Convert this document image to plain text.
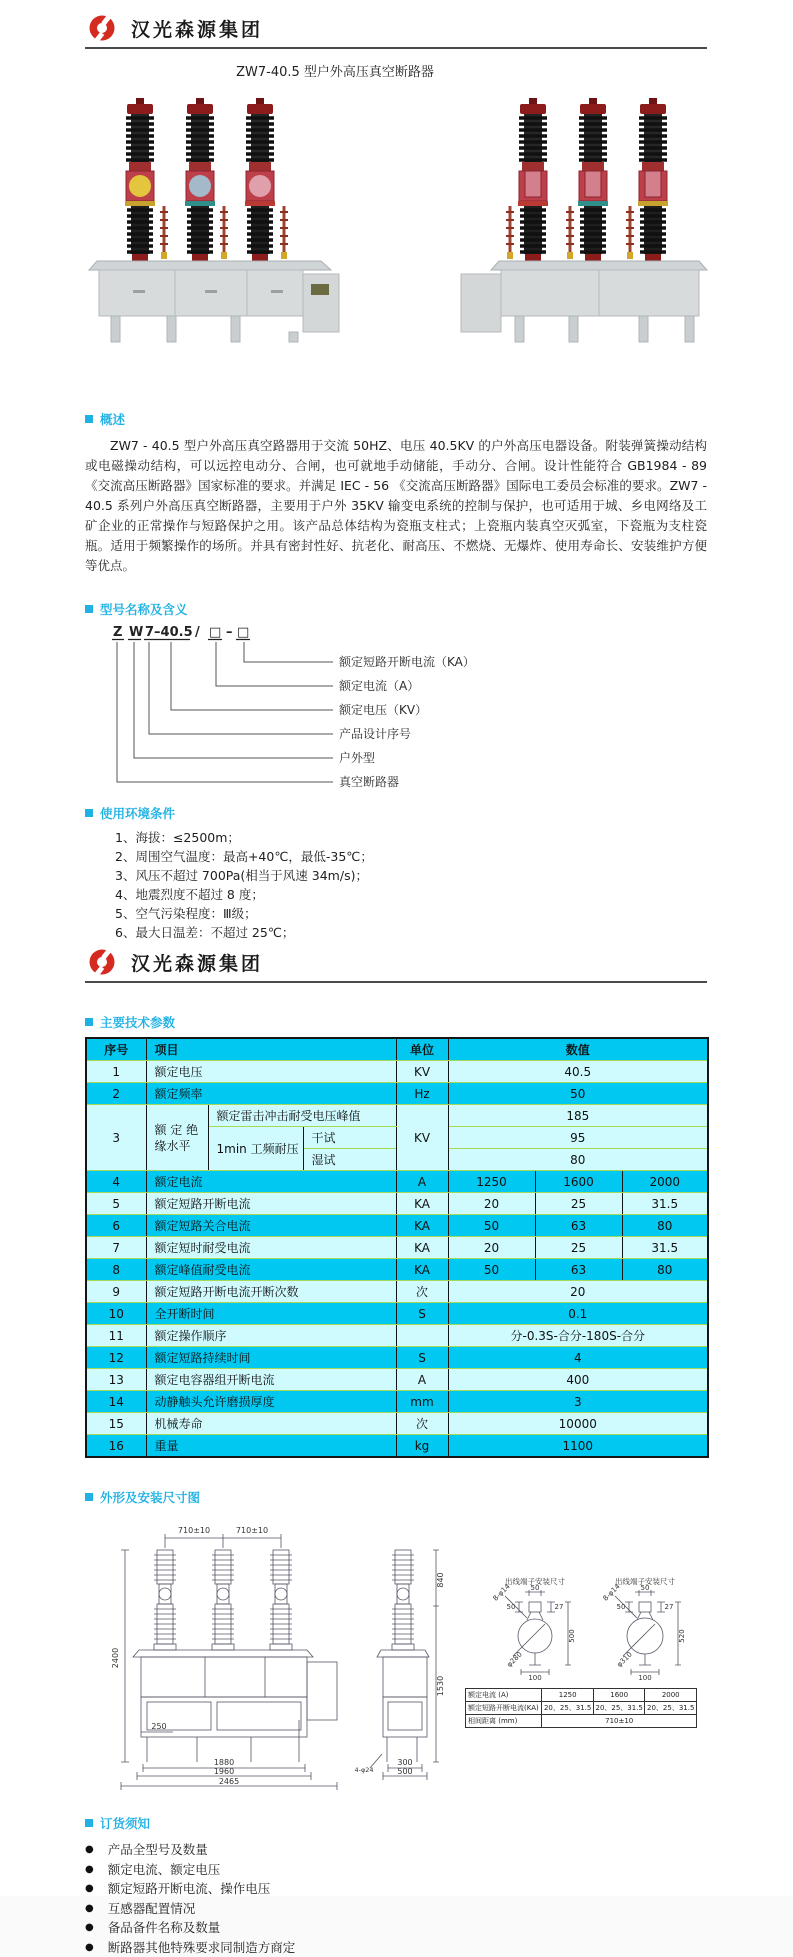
汉光森源集团
ZW7-40.5 型户外高压真空断路器
概述

ZW7 - 40.5 型户外高压真空路器用于交流 50HZ、电压 40.5KV 的户外高压电器设备。附装弹簧操动结构或电磁操动结构，可以远控电动分、合闸，也可就地手动储能，手动分、合闸。设计性能符合 GB1984 - 89 《交流高压断路器》国家标准的要求。并满足 IEC - 56 《交流高压断路器》国际电工委员会标准的要求。ZW7 - 40.5 系列户外高压真空断路器，主要用于户外 35KV 输变电系统的控制与保护，也可适用于城、乡电网络及工矿企业的正常操作与短路保护之用。该产品总体结构为瓷瓶支柱式；上瓷瓶内装真空灭弧室，下瓷瓶为支柱瓷瓶。适用于频繁操作的场所。并具有密封性好、抗老化、耐高压、不燃烧、无爆炸、使用寿命长、安装维护方便等优点。

型号名称及含义
Z W 7–40.5 / □ – □
额定短路开断电流（KA）
额定电流（A）
额定电压（KV）
产品设计序号
户外型
真空断路器
使用环境条件
1、海拔：≤2500m；
2、周围空气温度：最高+40℃，最低-35℃；
3、风压不超过 700Pa(相当于风速 34m/s)；
4、地震烈度不超过 8 度；
5、空气污染程度：Ⅲ级；
6、最大日温差：不超过 25℃；
汉光森源集团
主要技术参数
序号	项目			单位	数值		
1	额定电压			KV	40.5		
2	额定频率			Hz	50		
3	额 定 绝 缘水平	额定雷击冲击耐受电压峰值		KV	185		
		1min 工频耐压	干试		95		
			湿试		80		
4	额定电流			A	1250	1600	2000
5	额定短路开断电流			KA	20	25	31.5
6	额定短路关合电流			KA	50	63	80
7	额定短时耐受电流			KA	20	25	31.5
8	额定峰值耐受电流			KA	50	63	80
9	额定短路开断电流开断次数			次	20		
10	全开断时间			S	0.1		
11	额定操作顺序				分-0.3S-合分-180S-合分		
12	额定短路持续时间			S	4		
13	额定电容器组开断电流			A	400		
14	动静触头允许磨损厚度			mm	3		
15	机械寿命			次	10000		
16	重量			kg	1100		
外形及安装尺寸图
710±10	710±10
2400
250
1880
1960
2465
840
1530
300
500
4-φ24
出线端子安装尺寸
50
27
50
500
100
8-φ14
φ280
出线端子安装尺寸
50
27
50
520
100
8-φ14
φ310
额定电流 (A)	1250	1600	2000
额定短路开断电流(KA)	20、25、31.5	20、25、31.5	20、25、31.5
相间距离 (mm)	710±10		
订货须知
● 产品全型号及数量
● 额定电流、额定电压
● 额定短路开断电流、操作电压
● 互感器配置情况
● 备品备件名称及数量
● 断路器其他特殊要求同制造方商定
